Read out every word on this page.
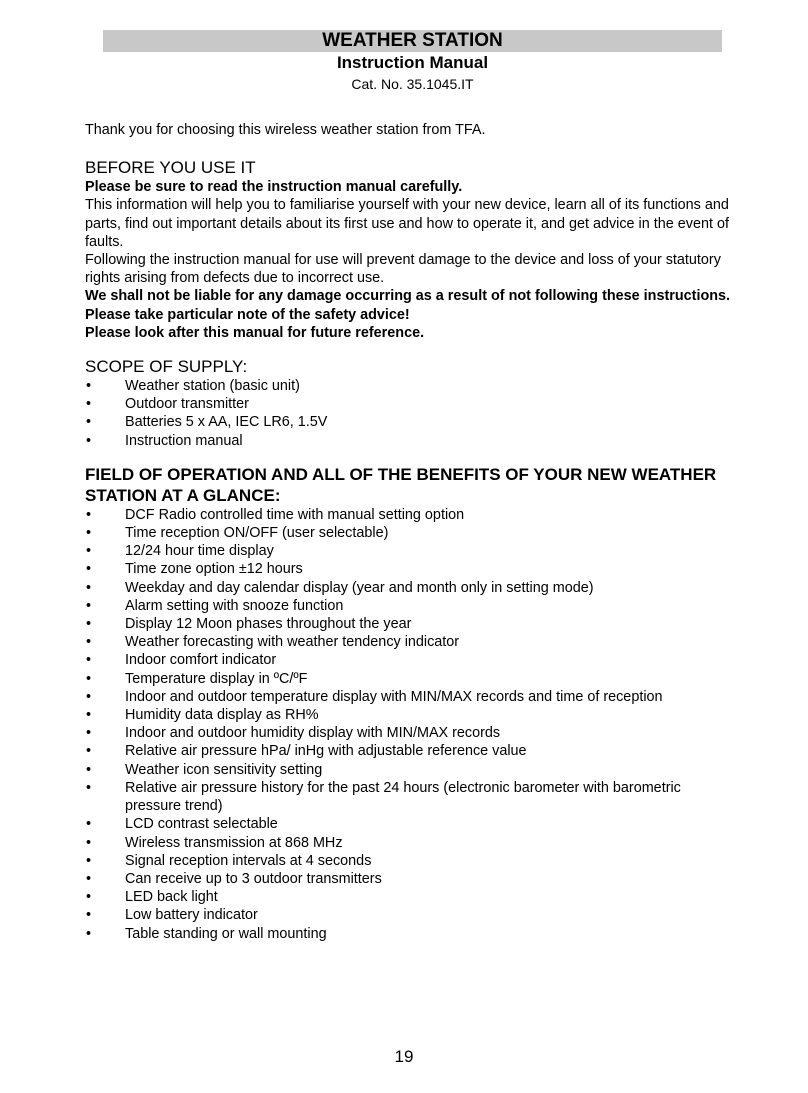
WEATHER STATION
Instruction Manual
Cat. No. 35.1045.IT

Thank you for choosing this wireless weather station from TFA.

BEFORE YOU USE IT

Please be sure to read the instruction manual carefully.

This information will help you to familiarise yourself with your new device, learn all of its functions and parts, find out important details about its first use and how to operate it, and get advice in the event of faults.

Following the instruction manual for use will prevent damage to the device and loss of your statutory rights arising from defects due to incorrect use.

We shall not be liable for any damage occurring as a result of not following these instructions.

Please take particular note of the safety advice!

Please look after this manual for future reference.

SCOPE OF SUPPLY:
• Weather station (basic unit)
• Outdoor transmitter
• Batteries 5 x AA, IEC LR6, 1.5V
• Instruction manual
FIELD OF OPERATION AND ALL OF THE BENEFITS OF YOUR NEW WEATHER STATION AT A GLANCE:
• DCF Radio controlled time with manual setting option
• Time reception ON/OFF (user selectable)
• 12/24 hour time display
• Time zone option ±12 hours
• Weekday and day calendar display (year and month only in setting mode)
• Alarm setting with snooze function
• Display 12 Moon phases throughout the year
• Weather forecasting with weather tendency indicator
• Indoor comfort indicator
• Temperature display in ºC/ºF
• Indoor and outdoor temperature display with MIN/MAX records and time of reception
• Humidity data display as RH%
• Indoor and outdoor humidity display with MIN/MAX records
• Relative air pressure hPa/ inHg with adjustable reference value
• Weather icon sensitivity setting
• Relative air pressure history for the past 24 hours (electronic barometer with barometric pressure trend)
• LCD contrast selectable
• Wireless transmission at 868 MHz
• Signal reception intervals at 4 seconds
• Can receive up to 3 outdoor transmitters
• LED back light
• Low battery indicator
• Table standing or wall mounting
19
